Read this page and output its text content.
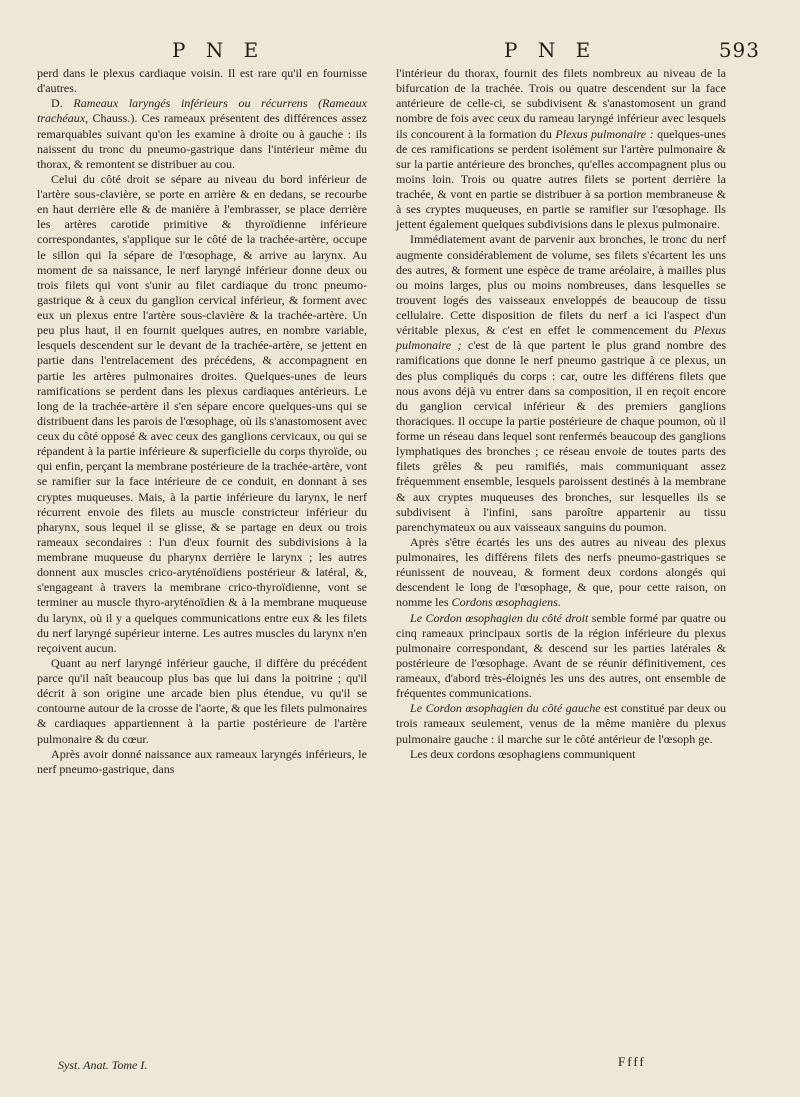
P N E	P N E	593

perd dans le plexus cardiaque voisin. Il est rare qu'il en fournisse d'autres.

D. Rameaux laryngés inférieurs ou récurrens (Rameaux trachéaux, Chauss.). Ces rameaux présentent des différences assez remarquables suivant qu'on les examine à droite ou à gauche : ils naissent du tronc du pneumo-gastrique dans l'intérieur même du thorax, & remontent se distribuer au cou.

Celui du côté droit se sépare au niveau du bord inférieur de l'artère sous-clavière, se porte en arrière & en dedans, se recourbe en haut derrière elle & de manière à l'embrasser, se place derrière les artères carotide primitive & thyroïdienne inférieure correspondantes, s'applique sur le côté de la trachée-artère, occupe le sillon qui la sépare de l'œsophage, & arrive au larynx. Au moment de sa naissance, le nerf laryngé inférieur donne deux ou trois filets qui vont s'unir au filet cardiaque du tronc pneumo-gastrique & à ceux du ganglion cervical inférieur, & forment avec eux un plexus entre l'artère sous-clavière & la trachée-artère. Un peu plus haut, il en fournit quelques autres, en nombre variable, lesquels descendent sur le devant de la trachée-artère, se jettent en partie dans l'entrelacement des précédens, & accompagnent en partie les artères pulmonaires droites. Quelques-unes de leurs ramifications se perdent dans les plexus cardiaques antérieurs. Le long de la trachée-artère il s'en sépare encore quelques-uns qui se distribuent dans les parois de l'œsophage, où ils s'anastomosent avec ceux du côté opposé & avec ceux des ganglions cervicaux, ou qui se répandent à la partie inférieure & superficielle du corps thyroïde, ou qui enfin, perçant la membrane postérieure de la trachée-artère, vont se ramifier sur la face intérieure de ce conduit, en donnant à ses cryptes muqueuses. Mais, à la partie inférieure du larynx, le nerf récurrent envoie des filets au muscle constricteur inférieur du pharynx, sous lequel il se glisse, & se partage en deux ou trois rameaux secondaires : l'un d'eux fournit des subdivisions à la membrane muqueuse du pharynx derrière le larynx ; les autres donnent aux muscles crico-aryténoïdiens postérieur & latéral, &, s'engageant à travers la membrane crico-thyroïdienne, vont se terminer au muscle thyro-aryténoïdien & à la membrane muqueuse du larynx, où il y a quelques communications entre eux & les filets du nerf laryngé supérieur interne. Les autres muscles du larynx n'en reçoivent aucun.

Quant au nerf laryngé inférieur gauche, il diffère du précédent parce qu'il naît beaucoup plus bas que lui dans la poitrine ; qu'il décrit à son origine une arcade bien plus étendue, vu qu'il se contourne autour de la crosse de l'aorte, & que les filets pulmonaires & cardiaques appartiennent à la partie postérieure de l'artère pulmonaire & du cœur.

Après avoir donné naissance aux rameaux laryngés inférieurs, le nerf pneumo-gastrique, dans

l'intérieur du thorax, fournit des filets nombreux au niveau de la bifurcation de la trachée. Trois ou quatre descendent sur la face antérieure de celle-ci, se subdivisent & s'anastomosent un grand nombre de fois avec ceux du rameau laryngé inférieur avec lesquels ils concourent à la formation du Plexus pulmonaire : quelques-unes de ces ramifications se perdent isolément sur l'artère pulmonaire & sur la partie antérieure des bronches, qu'elles accompagnent plus ou moins loin. Trois ou quatre autres filets se portent derrière la trachée, & vont en partie se distribuer à sa portion membraneuse & à ses cryptes muqueuses, en partie se ramifier sur l'œsophage. Ils jettent également quelques subdivisions dans le plexus pulmonaire.

Immédiatement avant de parvenir aux bronches, le tronc du nerf augmente considérablement de volume, ses filets s'écartent les uns des autres, & forment une espèce de trame aréolaire, à mailles plus ou moins larges, plus ou moins nombreuses, dans lesquelles se trouvent logés des vaisseaux enveloppés de beaucoup de tissu cellulaire. Cette disposition de filets du nerf a ici l'aspect d'un véritable plexus, & c'est en effet le commencement du Plexus pulmonaire ; c'est de là que partent le plus grand nombre des ramifications que donne le nerf pneumo gastrique à ce plexus, un des plus compliqués du corps : car, outre les différens filets que nous avons déjà vu entrer dans sa composition, il en reçoit encore du ganglion cervical inférieur & des premiers ganglions thoraciques. Il occupe la partie postérieure de chaque poumon, où il forme un réseau dans lequel sont renfermés beaucoup des ganglions lymphatiques des bronches ; ce réseau envoie de toutes parts des filets grêles & peu ramifiés, mais communiquant assez fréquemment ensemble, lesquels paroissent destinés à la membrane & aux cryptes muqueuses des bronches, sur lesquelles ils se subdivisent à l'infini, sans paroître appartenir au tissu parenchymateux ou aux vaisseaux sanguins du poumon.

Après s'être écartés les uns des autres au niveau des plexus pulmonaires, les différens filets des nerfs pneumo-gastriques se réunissent de nouveau, & forment deux cordons alongés qui descendent le long de l'œsophage, & que, pour cette raison, on nomme les Cordons œsophagiens.

Le Cordon œsophagien du côté droit semble formé par quatre ou cinq rameaux principaux sortis de la région inférieure du plexus pulmonaire correspondant, & descend sur les parties latérales & postérieure de l'œsophage. Avant de se réunir définitivement, ces rameaux, d'abord très-éloignés les uns des autres, ont ensemble de fréquentes communications.

Le Cordon œsophagien du côté gauche est constitué par deux ou trois rameaux seulement, venus de la même manière du plexus pulmonaire gauche : il marche sur le côté antérieur de l'œsoph ge.

Les deux cordons œsophagiens communiquent

Syst. Anat. Tome I.	Ffff
